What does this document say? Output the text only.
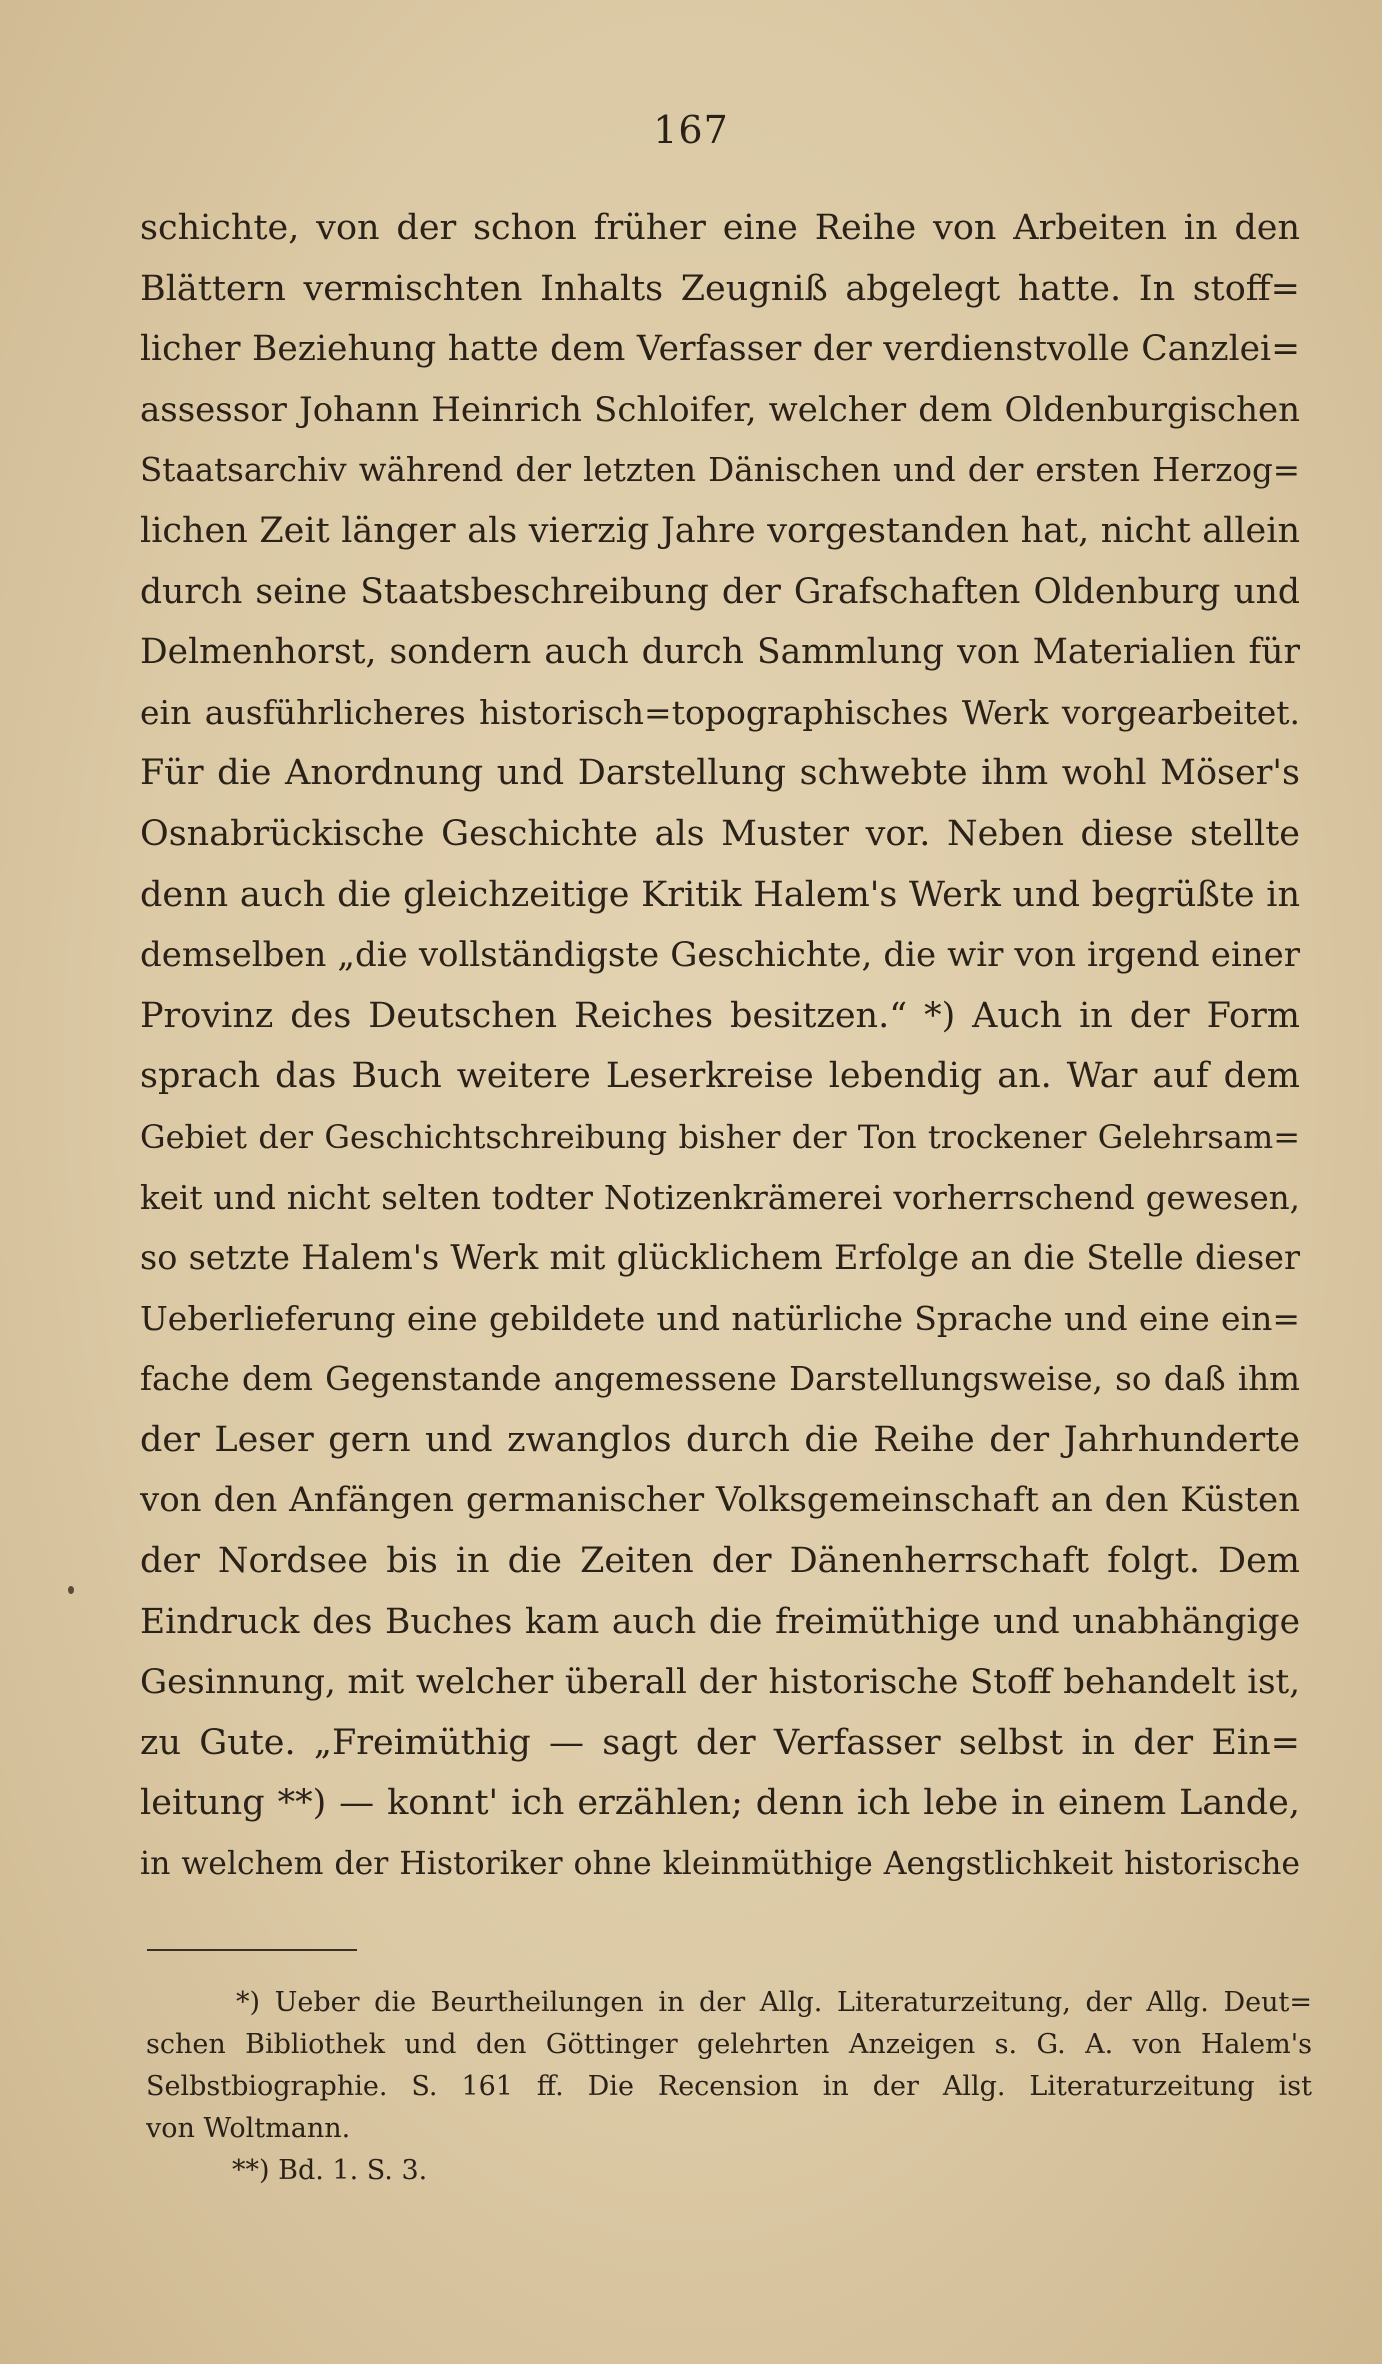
167
schichte, von der schon früher eine Reihe von Arbeiten in den
Blättern vermischten Inhalts Zeugniß abgelegt hatte. In stoff=
licher Beziehung hatte dem Verfasser der verdienstvolle Canzlei=
assessor Johann Heinrich Schloifer, welcher dem Oldenburgischen
Staatsarchiv während der letzten Dänischen und der ersten Herzog=
lichen Zeit länger als vierzig Jahre vorgestanden hat, nicht allein
durch seine Staatsbeschreibung der Grafschaften Oldenburg und
Delmenhorst, sondern auch durch Sammlung von Materialien für
ein ausführlicheres historisch=topographisches Werk vorgearbeitet.
Für die Anordnung und Darstellung schwebte ihm wohl Möser's
Osnabrückische Geschichte als Muster vor. Neben diese stellte
denn auch die gleichzeitige Kritik Halem's Werk und begrüßte in
demselben „die vollständigste Geschichte, die wir von irgend einer
Provinz des Deutschen Reiches besitzen.“ *) Auch in der Form
sprach das Buch weitere Leserkreise lebendig an. War auf dem
Gebiet der Geschichtschreibung bisher der Ton trockener Gelehrsam=
keit und nicht selten todter Notizenkrämerei vorherrschend gewesen,
so setzte Halem's Werk mit glücklichem Erfolge an die Stelle dieser
Ueberlieferung eine gebildete und natürliche Sprache und eine ein=
fache dem Gegenstande angemessene Darstellungsweise, so daß ihm
der Leser gern und zwanglos durch die Reihe der Jahrhunderte
von den Anfängen germanischer Volksgemeinschaft an den Küsten
der Nordsee bis in die Zeiten der Dänenherrschaft folgt. Dem
Eindruck des Buches kam auch die freimüthige und unabhängige
Gesinnung, mit welcher überall der historische Stoff behandelt ist,
zu Gute. „Freimüthig — sagt der Verfasser selbst in der Ein=
leitung **) — konnt' ich erzählen; denn ich lebe in einem Lande,
in welchem der Historiker ohne kleinmüthige Aengstlichkeit historische
*) Ueber die Beurtheilungen in der Allg. Literaturzeitung, der Allg. Deut=
schen Bibliothek und den Göttinger gelehrten Anzeigen s. G. A. von Halem's
Selbstbiographie. S. 161 ff. Die Recension in der Allg. Literaturzeitung ist
von Woltmann.
**) Bd. 1. S. 3.
